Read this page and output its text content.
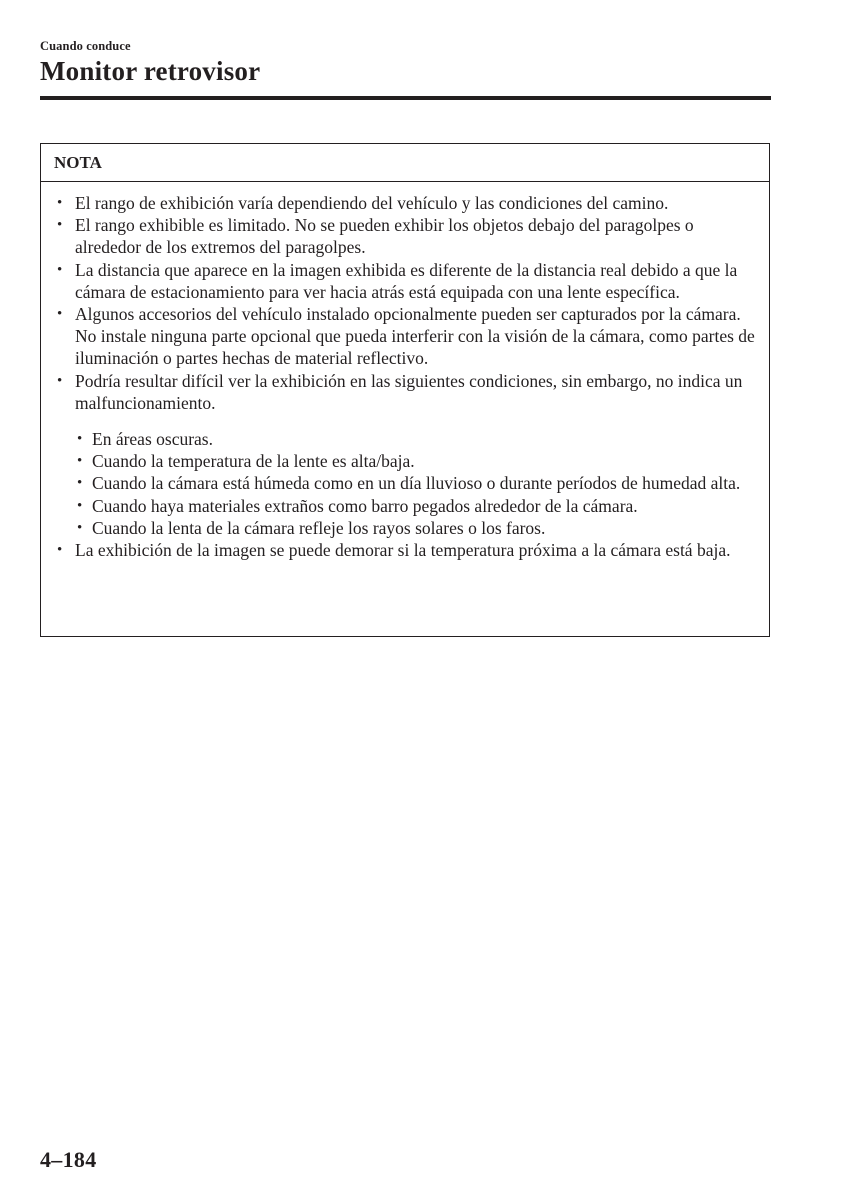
Cuando conduce
Monitor retrovisor
NOTA
• El rango de exhibición varía dependiendo del vehículo y las condiciones del camino.
• El rango exhibible es limitado. No se pueden exhibir los objetos debajo del paragolpes o alrededor de los extremos del paragolpes.
• La distancia que aparece en la imagen exhibida es diferente de la distancia real debido a que la cámara de estacionamiento para ver hacia atrás está equipada con una lente específica.
• Algunos accesorios del vehículo instalado opcionalmente pueden ser capturados por la cámara. No instale ninguna parte opcional que pueda interferir con la visión de la cámara, como partes de iluminación o partes hechas de material reflectivo.
• Podría resultar difícil ver la exhibición en las siguientes condiciones, sin embargo, no indica un malfuncionamiento.
• En áreas oscuras.
• Cuando la temperatura de la lente es alta/baja.
• Cuando la cámara está húmeda como en un día lluvioso o durante períodos de humedad alta.
• Cuando haya materiales extraños como barro pegados alrededor de la cámara.
• Cuando la lenta de la cámara refleje los rayos solares o los faros.
• La exhibición de la imagen se puede demorar si la temperatura próxima a la cámara está baja.
4–184
